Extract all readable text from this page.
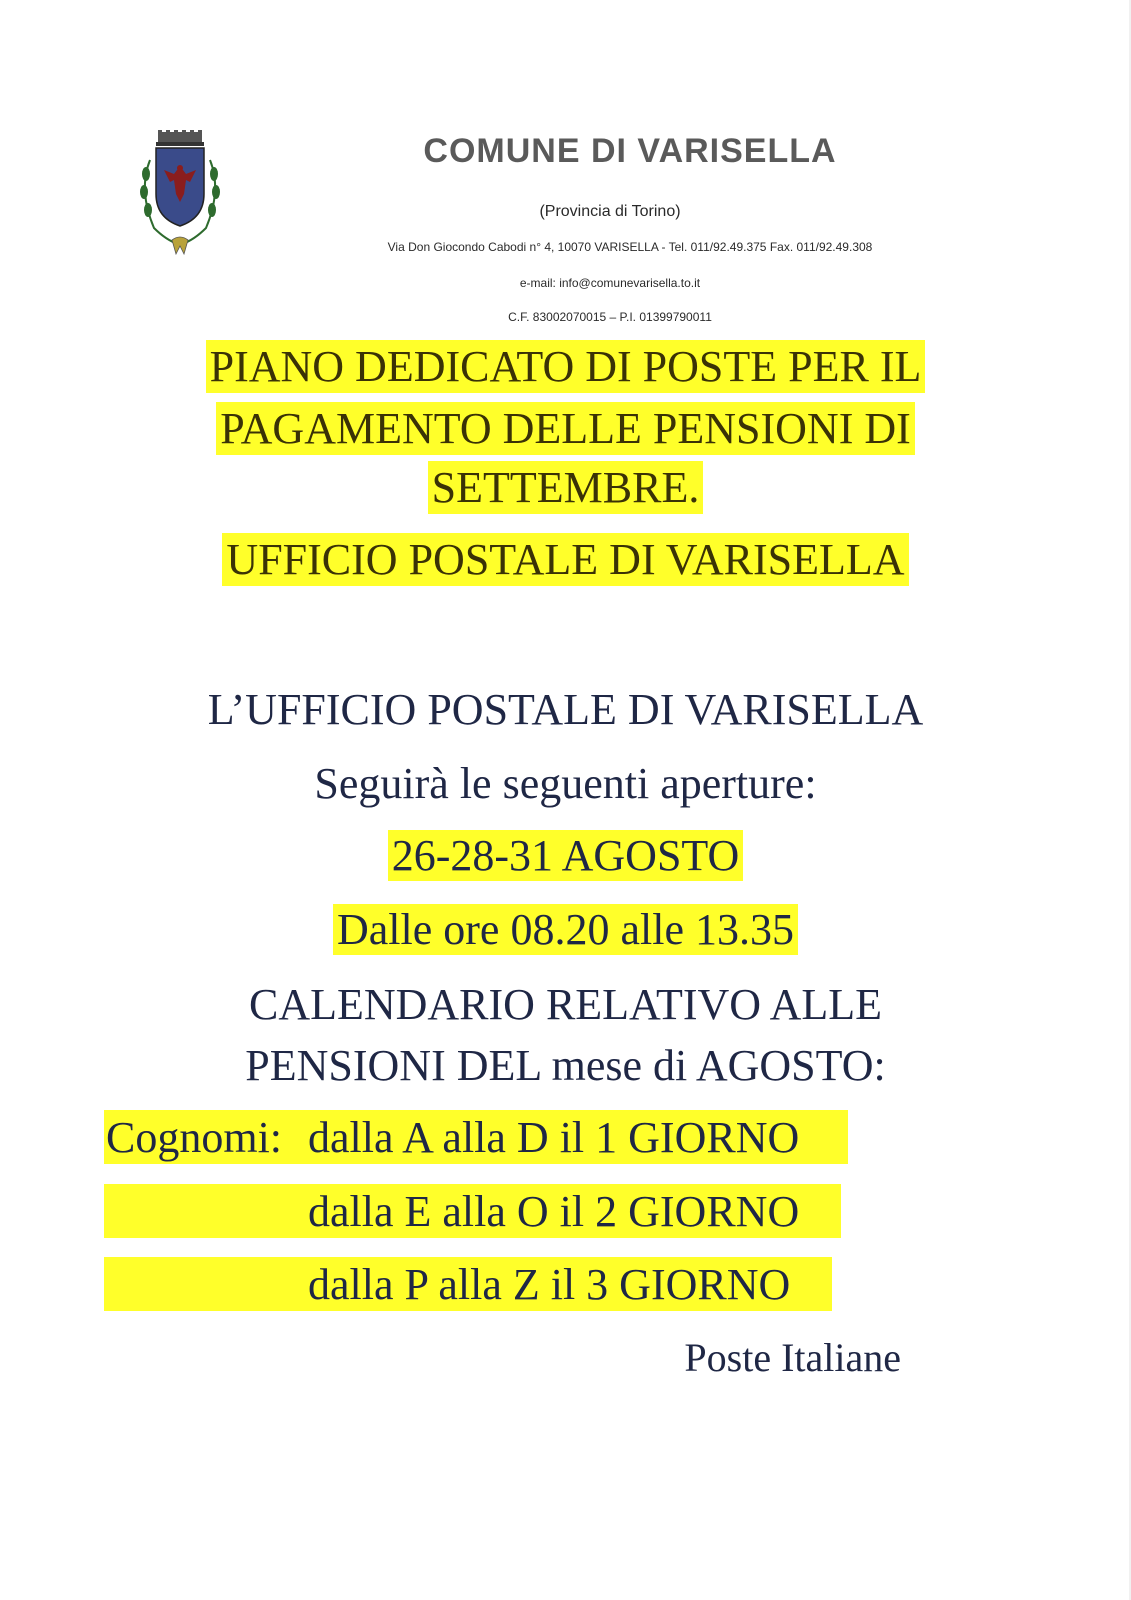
COMUNE DI VARISELLA
(Provincia di Torino)
Via Don Giocondo Cabodi n° 4, 10070 VARISELLA - Tel. 011/92.49.375 Fax. 011/92.49.308
e-mail: info@comunevarisella.to.it
C.F. 83002070015 – P.I. 01399790011
PIANO DEDICATO DI POSTE PER IL
PAGAMENTO DELLE PENSIONI DI
SETTEMBRE.
UFFICIO POSTALE DI VARISELLA
L’UFFICIO POSTALE DI VARISELLA
Seguirà le seguenti aperture:
26-28-31 AGOSTO
Dalle ore 08.20 alle 13.35
CALENDARIO RELATIVO ALLE
PENSIONI DEL mese di AGOSTO:
Cognomi: dalla A alla D il 1 GIORNO
dalla E alla O il 2 GIORNO
dalla P alla Z il 3 GIORNO
Poste Italiane
